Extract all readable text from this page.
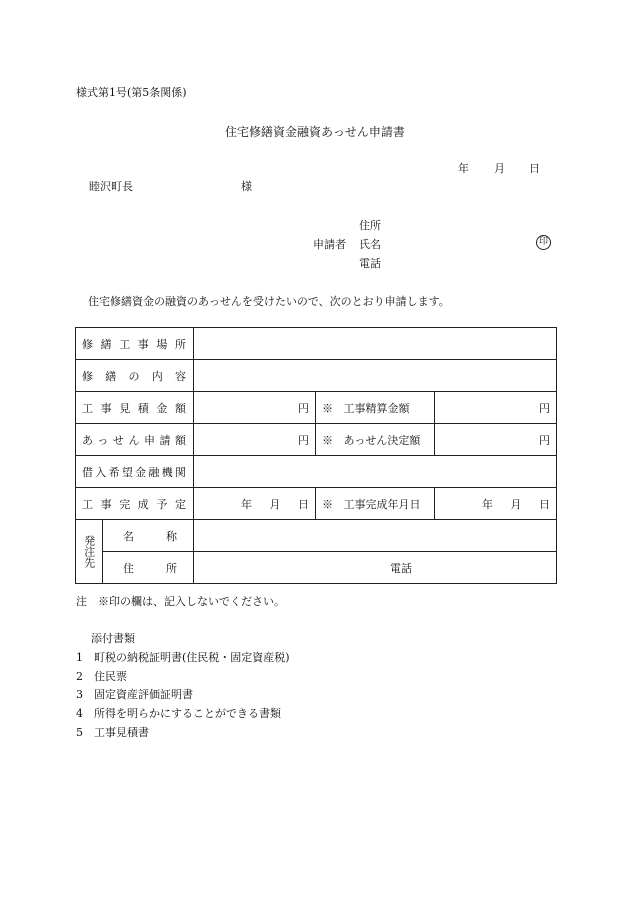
様式第1号(第5条関係)
住宅修繕資金融資あっせん申請書
年 月 日
睦沢町長	様
住所
申請者 氏名	印
電話
住宅修繕資金の融資のあっせんを受けたいので、次のとおり申請します。
修繕工事場所				

修繕の内容				

工事見積金額		円	※ 工事精算金額	円

あっせん申請額		円	※ あっせん決定額	円

借入希望金融機関				

工事完成予定		年 月 日	※ 工事完成年月日	年 月 日
発注先	名称			

	住所	電話		
注　※印の欄は、記入しないでください。
添付書類
1 町税の納税証明書(住民税・固定資産税)
2 住民票
3 固定資産評価証明書
4 所得を明らかにすることができる書類
5 工事見積書
